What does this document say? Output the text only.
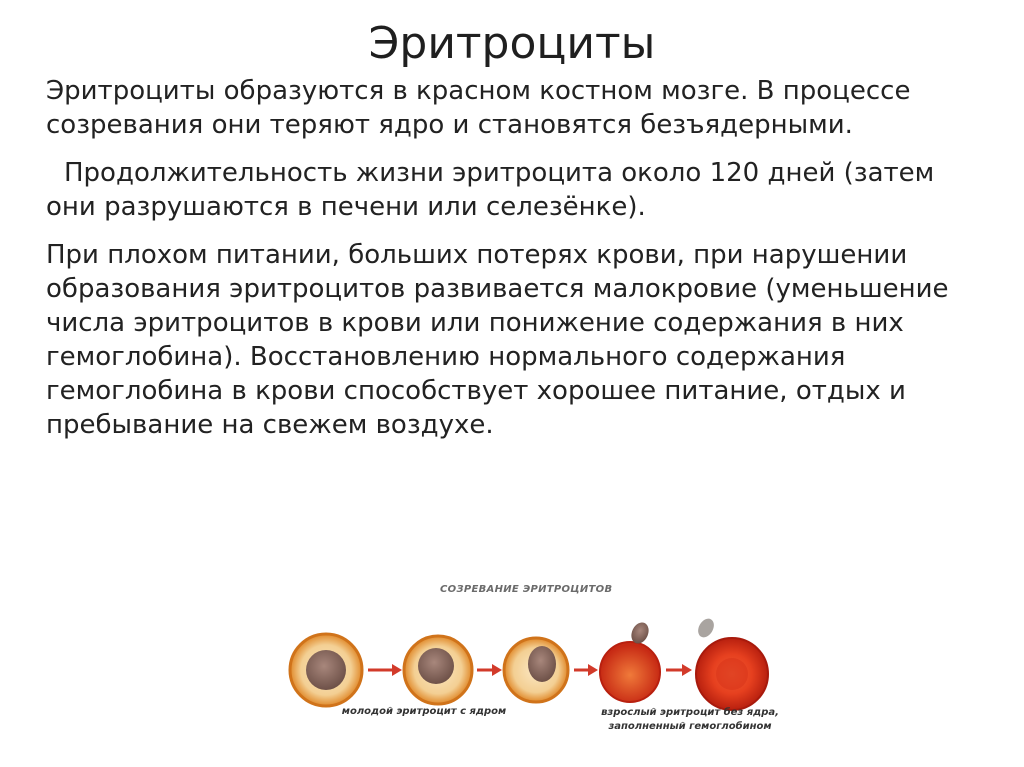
Эритроциты

Эритроциты образуются в красном костном мозге. В процессе созревания они теряют ядро и становятся безъядерными.

Продолжительность жизни эритроцита около 120 дней (затем они разрушаются в печени или селезёнке).

При плохом питании, больших потерях крови, при нарушении образования эритроцитов развивается малокровие (уменьшение числа эритроцитов в крови или понижение содержания в них гемоглобина). Восстановлению нормального содержания гемоглобина в крови способствует хорошее питание, отдых и пребывание на свежем воздухе.

СОЗРЕВАНИЕ ЭРИТРОЦИТОВ
молодой эритроцит с ядром	взрослый эритроцит без ядра,
заполненный гемоглобином
